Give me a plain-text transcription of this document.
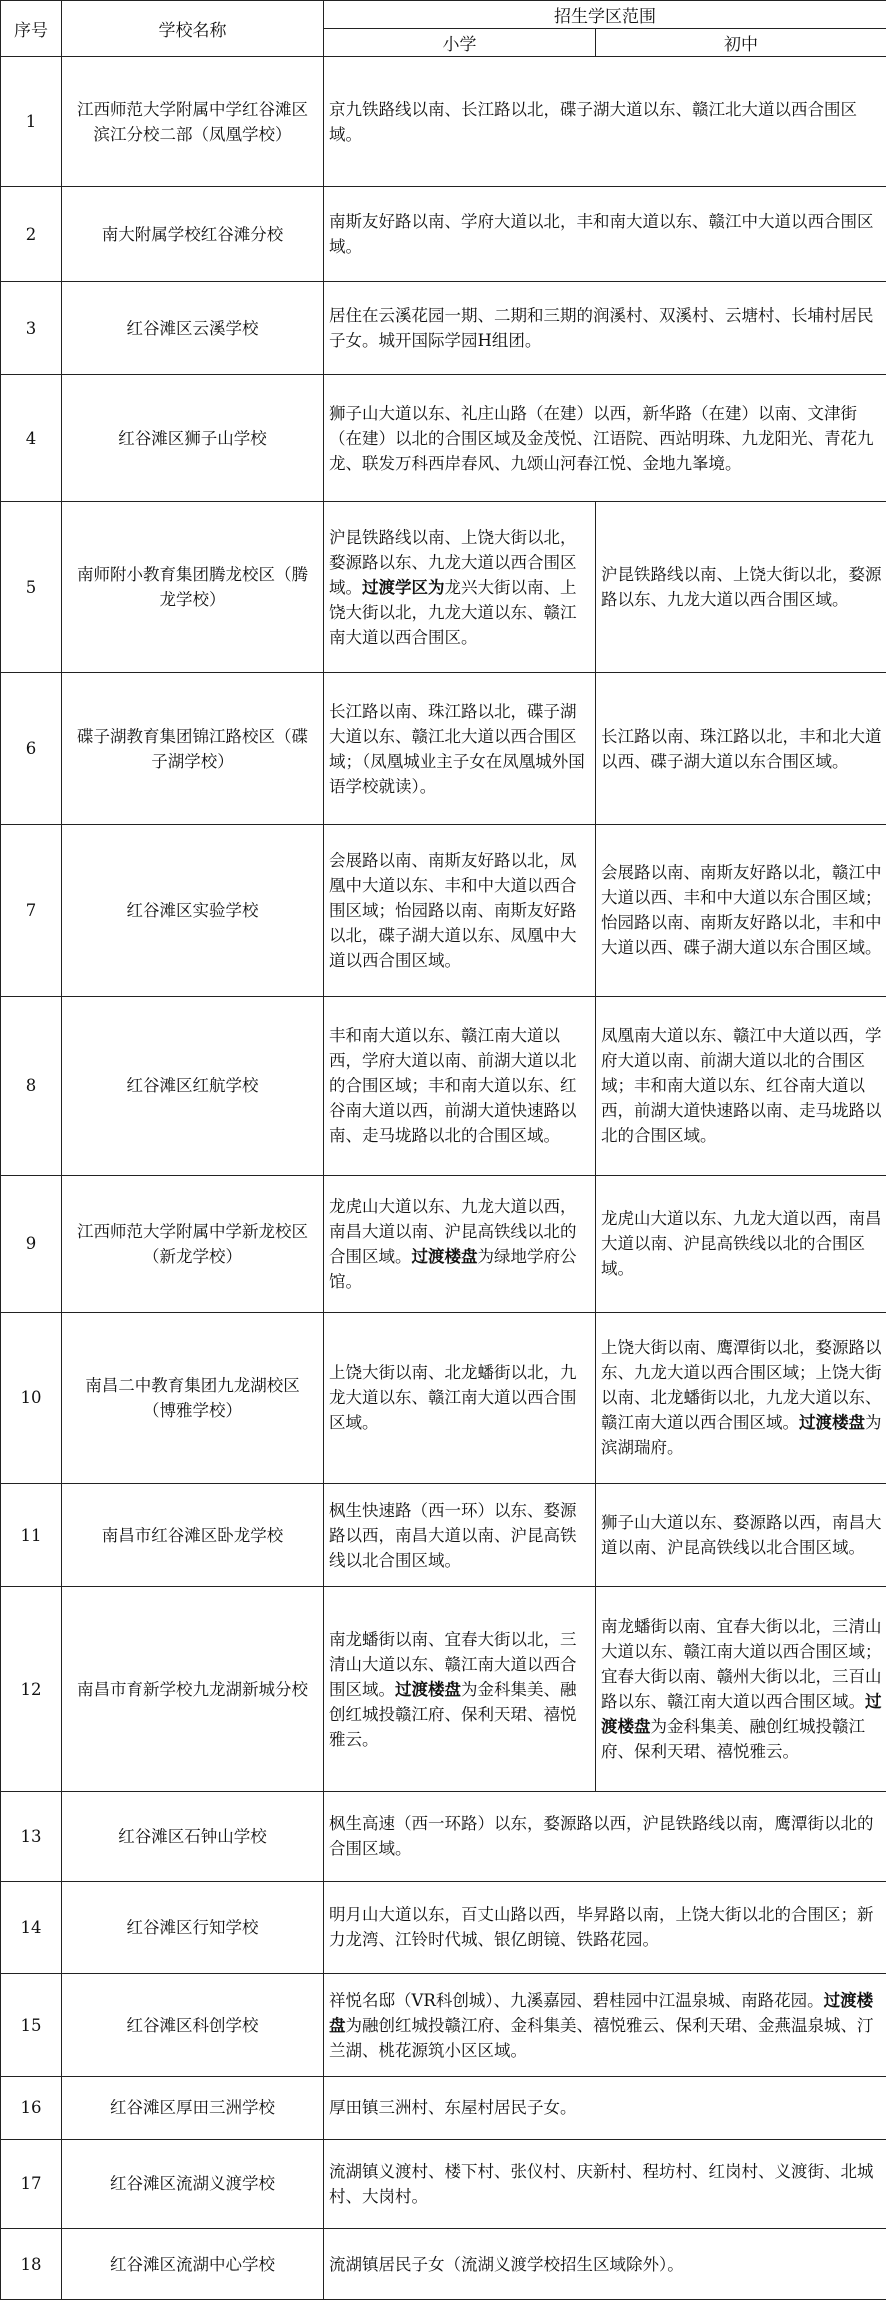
序号	学校名称	招生学区范围	
		小学	初中
1	江西师范大学附属中学红谷滩区滨江分校二部（凤凰学校）	京九铁路线以南、长江路以北，碟子湖大道以东、赣江北大道以西合围区域。	
2	南大附属学校红谷滩分校	南斯友好路以南、学府大道以北，丰和南大道以东、赣江中大道以西合围区域。	
3	红谷滩区云溪学校	居住在云溪花园一期、二期和三期的润溪村、双溪村、云塘村、长埔村居民子女。城开国际学园H组团。	
4	红谷滩区狮子山学校	狮子山大道以东、礼庄山路（在建）以西，新华路（在建）以南、文津街（在建）以北的合围区域及金茂悦、江语院、西站明珠、九龙阳光、青花九龙、联发万科西岸春风、九颂山河春江悦、金地九峯境。	
5	南师附小教育集团腾龙校区（腾龙学校）	沪昆铁路线以南、上饶大街以北，婺源路以东、九龙大道以西合围区域。过渡学区为龙兴大街以南、上饶大街以北，九龙大道以东、赣江南大道以西合围区。	沪昆铁路线以南、上饶大街以北，婺源路以东、九龙大道以西合围区域。
6	碟子湖教育集团锦江路校区（碟子湖学校）	长江路以南、珠江路以北，碟子湖大道以东、赣江北大道以西合围区域；（凤凰城业主子女在凤凰城外国语学校就读）。	长江路以南、珠江路以北，丰和北大道以西、碟子湖大道以东合围区域。
7	红谷滩区实验学校	会展路以南、南斯友好路以北，凤凰中大道以东、丰和中大道以西合围区域；怡园路以南、南斯友好路以北，碟子湖大道以东、凤凰中大道以西合围区域。	会展路以南、南斯友好路以北，赣江中大道以西、丰和中大道以东合围区域；怡园路以南、南斯友好路以北，丰和中大道以西、碟子湖大道以东合围区域。
8	红谷滩区红航学校	丰和南大道以东、赣江南大道以西，学府大道以南、前湖大道以北的合围区域；丰和南大道以东、红谷南大道以西，前湖大道快速路以南、走马垅路以北的合围区域。	凤凰南大道以东、赣江中大道以西，学府大道以南、前湖大道以北的合围区域；丰和南大道以东、红谷南大道以西，前湖大道快速路以南、走马垅路以北的合围区域。
9	江西师范大学附属中学新龙校区（新龙学校）	龙虎山大道以东、九龙大道以西，南昌大道以南、沪昆高铁线以北的合围区域。过渡楼盘为绿地学府公馆。	龙虎山大道以东、九龙大道以西，南昌大道以南、沪昆高铁线以北的合围区域。
10	南昌二中教育集团九龙湖校区（博雅学校）	上饶大街以南、北龙蟠街以北，九龙大道以东、赣江南大道以西合围区域。	上饶大街以南、鹰潭街以北，婺源路以东、九龙大道以西合围区域；上饶大街以南、北龙蟠街以北，九龙大道以东、赣江南大道以西合围区域。过渡楼盘为滨湖瑞府。
11	南昌市红谷滩区卧龙学校	枫生快速路（西一环）以东、婺源路以西，南昌大道以南、沪昆高铁线以北合围区域。	狮子山大道以东、婺源路以西，南昌大道以南、沪昆高铁线以北合围区域。
12	南昌市育新学校九龙湖新城分校	南龙蟠街以南、宜春大街以北，三清山大道以东、赣江南大道以西合围区域。过渡楼盘为金科集美、融创红城投赣江府、保利天珺、禧悦雅云。	南龙蟠街以南、宜春大街以北，三清山大道以东、赣江南大道以西合围区域；宜春大街以南、赣州大街以北，三百山路以东、赣江南大道以西合围区域。过渡楼盘为金科集美、融创红城投赣江府、保利天珺、禧悦雅云。
13	红谷滩区石钟山学校	枫生高速（西一环路）以东，婺源路以西，沪昆铁路线以南，鹰潭街以北的合围区域。	
14	红谷滩区行知学校	明月山大道以东，百丈山路以西，毕昇路以南，上饶大街以北的合围区；新力龙湾、江铃时代城、银亿朗镜、铁路花园。	
15	红谷滩区科创学校	祥悦名邸（VR科创城）、九溪嘉园、碧桂园中江温泉城、南路花园。过渡楼盘为融创红城投赣江府、金科集美、禧悦雅云、保利天珺、金燕温泉城、汀兰湖、桃花源筑小区区域。	
16	红谷滩区厚田三洲学校	厚田镇三洲村、东屋村居民子女。	
17	红谷滩区流湖义渡学校	流湖镇义渡村、楼下村、张仪村、庆新村、程坊村、红岗村、义渡街、北城村、大岗村。	
18	红谷滩区流湖中心学校	流湖镇居民子女（流湖义渡学校招生区域除外）。	
